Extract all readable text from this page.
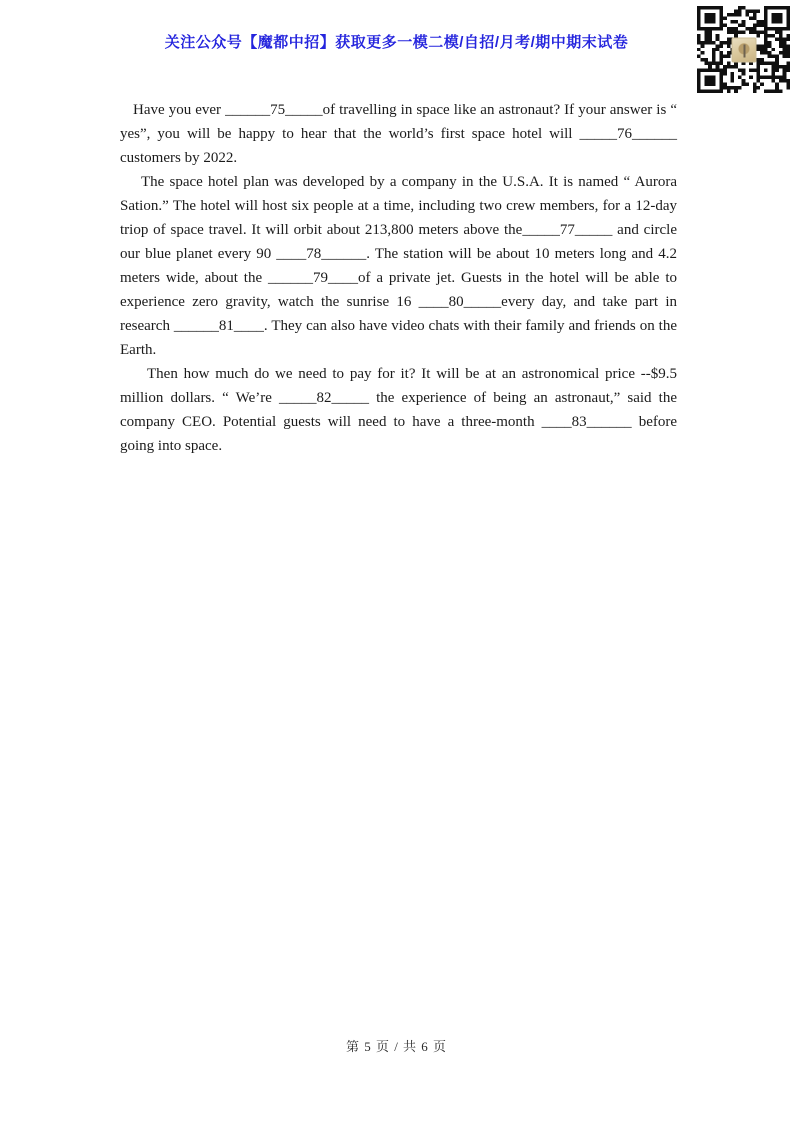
关注公众号【魔都中招】获取更多一模二模/自招/月考/期中期末试卷

Have you ever ______75_____of travelling in space like an astronaut? If your answer is “ yes”, you will be happy to hear that the world’s first space hotel will _____76______ customers by 2022.

The space hotel plan was developed by a company in the U.S.A. It is named “ Aurora Sation.” The hotel will host six people at a time, including two crew members, for a 12-day triop of space travel. It will orbit about 213,800 meters above the_____77_____ and circle our blue planet every 90 ____78______. The station will be about 10 meters long and 4.2 meters wide, about the ______79____of a private jet. Guests in the hotel will be able to experience zero gravity, watch the sunrise 16 ____80_____every day, and take part in research ______81____. They can also have video chats with their family and friends on the Earth.

Then how much do we need to pay for it? It will be at an astronomical price --$9.5 million dollars. “ We’re _____82_____ the experience of being an astronaut,” said the company CEO. Potential guests will need to have a three-month ____83______ before going into space.

第 5 页 / 共 6 页
